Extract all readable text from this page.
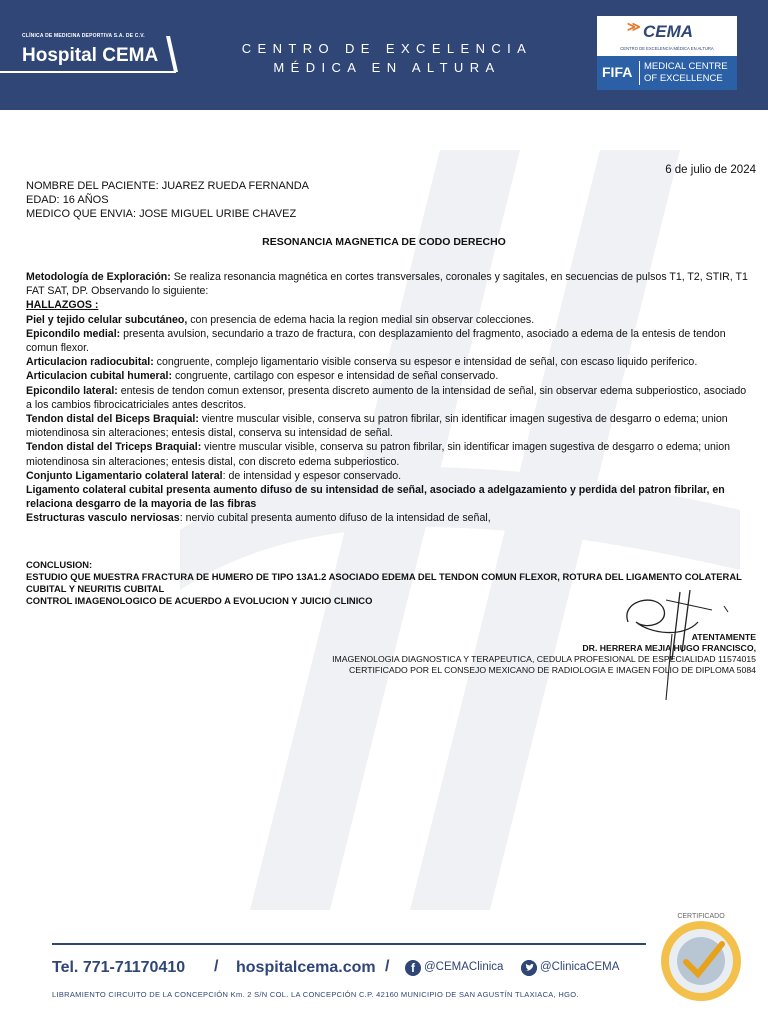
CLÍNICA DE MEDICINA DEPORTIVA S.A. DE C.V.
Hospital CEMA	CENTRO DE EXCELENCIA
MÉDICA EN ALTURA
≫ CEMA
CENTRO DE EXCELENCIA MÉDICA EN ALTURA
FIFA MEDICAL CENTRE
OF EXCELLENCE
6 de julio de 2024
NOMBRE DEL PACIENTE: JUAREZ RUEDA FERNANDA
EDAD: 16 AÑOS
MEDICO QUE ENVIA: JOSE MIGUEL URIBE CHAVEZ
RESONANCIA MAGNETICA DE CODO DERECHO

Metodología de Exploración: Se realiza resonancia magnética en cortes transversales, coronales y sagitales, en secuencias de pulsos T1, T2, STIR, T1 FAT SAT, DP. Observando lo siguiente:

HALLAZGOS :

Piel y tejido celular subcutáneo, con presencia de edema hacia la region medial sin observar colecciones.

Epicondilo medial: presenta avulsion, secundario a trazo de fractura, con desplazamiento del fragmento, asociado a edema de la entesis de tendon comun flexor.

Articulacion radiocubital: congruente, complejo ligamentario visible conserva su espesor e intensidad de señal, con escaso liquido periferico.

Articulacion cubital humeral: congruente, cartilago con espesor e intensidad de señal conservado.

Epicondilo lateral: entesis de tendon comun extensor, presenta discreto aumento de la intensidad de señal, sin observar edema subperiostico, asociado a los cambios fibrocicatriciales antes descritos.

Tendon distal del Biceps Braquial: vientre muscular visible, conserva su patron fibrilar, sin identificar imagen sugestiva de desgarro o edema; union miotendinosa sin alteraciones; entesis distal, conserva su intensidad de señal.

Tendon distal del Triceps Braquial: vientre muscular visible, conserva su patron fibrilar, sin identificar imagen sugestiva de desgarro o edema; union miotendinosa sin alteraciones; entesis distal, con discreto edema subperiostico.

Conjunto Ligamentario colateral lateral: de intensidad y espesor conservado.

Ligamento colateral cubital presenta aumento difuso de su intensidad de señal, asociado a adelgazamiento y perdida del patron fibrilar, en relaciona desgarro de la mayoria de las fibras

Estructuras vasculo nerviosas: nervio cubital presenta aumento difuso de la intensidad de señal,

CONCLUSION:

ESTUDIO QUE MUESTRA FRACTURA DE HUMERO DE TIPO 13A1.2 ASOCIADO EDEMA DEL TENDON COMUN FLEXOR, ROTURA DEL LIGAMENTO COLATERAL CUBITAL Y NEURITIS CUBITAL

CONTROL IMAGENOLOGICO DE ACUERDO A EVOLUCION Y JUICIO CLINICO

ATENTAMENTE

DR. HERRERA MEJIA HUGO FRANCISCO,

IMAGENOLOGIA DIAGNOSTICA Y TERAPEUTICA, CEDULA PROFESIONAL DE ESPECIALIDAD 11574015

CERTIFICADO POR EL CONSEJO MEXICANO DE RADIOLOGIA E IMAGEN FOLIO DE DIPLOMA 5084

Tel. 771-71170410 / hospitalcema.com /	f @CEMAClinica	@ClinicaCEMA
LIBRAMIENTO CIRCUITO DE LA CONCEPCIÓN Km. 2 S/N COL. LA CONCEPCIÓN C.P. 42160 MUNICIPIO DE SAN AGUSTÍN TLAXIACA, HGO.
CERTIFICADO
